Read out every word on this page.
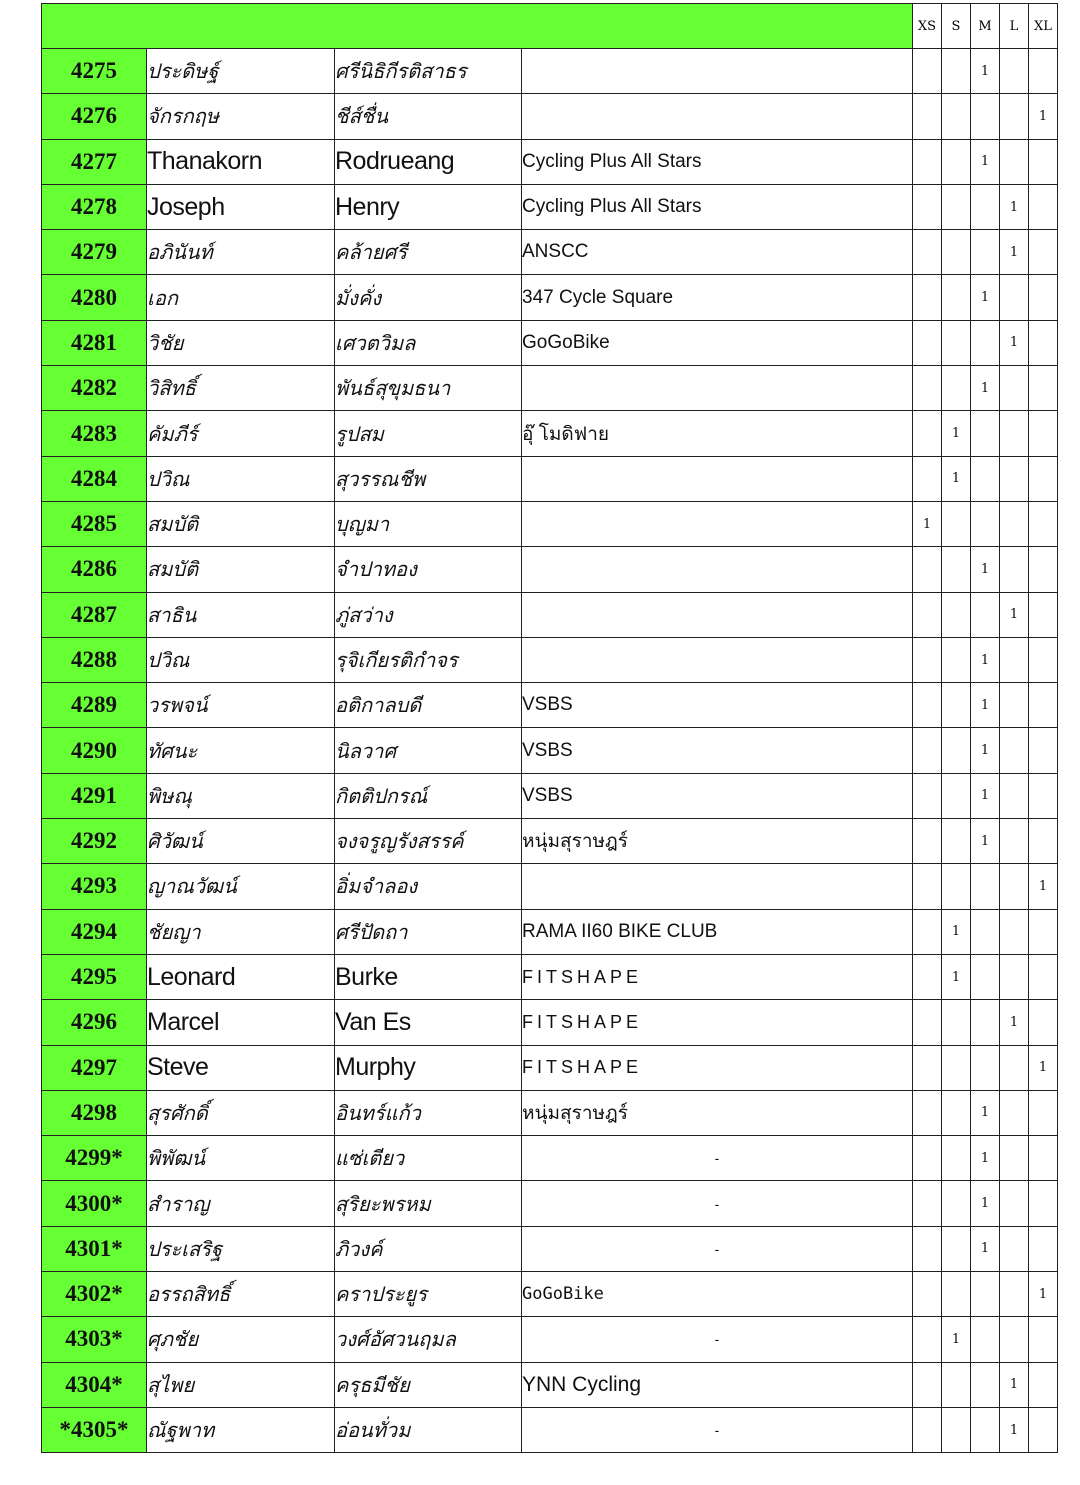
				XS	S	M	L	XL
4275	ประดิษฐ์	ศรีนิธิกีรติสาธร				1		
4276	จักรกฤษ	ชีส์ชื่น						1
4277	Thanakorn	Rodrueang	Cycling Plus All Stars			1		
4278	Joseph	Henry	Cycling Plus All Stars				1	
4279	อภินันท์	คล้ายศรี	ANSCC				1	
4280	เอก	มั่งคั่ง	347 Cycle Square			1		
4281	วิชัย	เศวตวิมล	GoGoBike				1	
4282	วิสิทธิ์	พันธ์สุขุมธนา				1		
4283	คัมภีร์	รูปสม	อุ๊ โมดิฟาย		1			
4284	ปวิณ	สุวรรณชีพ			1			
4285	สมบัติ	บุญมา		1				
4286	สมบัติ	จำปาทอง				1		
4287	สาธิน	ภู่สว่าง					1	
4288	ปวิณ	รุจิเกียรติกำจร				1		
4289	วรพจน์	อติกาลบดี	VSBS			1		
4290	ทัศนะ	นิลวาศ	VSBS			1		
4291	พิษณุ	กิตติปกรณ์	VSBS			1		
4292	ศิวัฒน์	จงจรูญรังสรรค์	หนุ่มสุราษฎร์			1		
4293	ญาณวัฒน์	อิ่มจำลอง						1
4294	ชัยญา	ศรีปัดถา	RAMA II60 BIKE CLUB		1			
4295	Leonard	Burke	FITSHAPE		1			
4296	Marcel	Van Es	FITSHAPE				1	
4297	Steve	Murphy	FITSHAPE					1
4298	สุรศักดิ์	อินทร์แก้ว	หนุ่มสุราษฎร์			1		
4299*	พิพัฒน์	แซ่เตียว	-			1		
4300*	สำราญ	สุริยะพรหม	-			1		
4301*	ประเสริฐ	ภิวงค์	-			1		
4302*	อรรถสิทธิ์	คราประยูร	GoGoBike					1
4303*	ศุภชัย	วงศ์อัศวนฤมล	-		1			
4304*	สุไพย	ครุธมีชัย	YNN Cycling				1	
*4305*	ณัฐพาท	อ่อนทั่วม	-				1	
